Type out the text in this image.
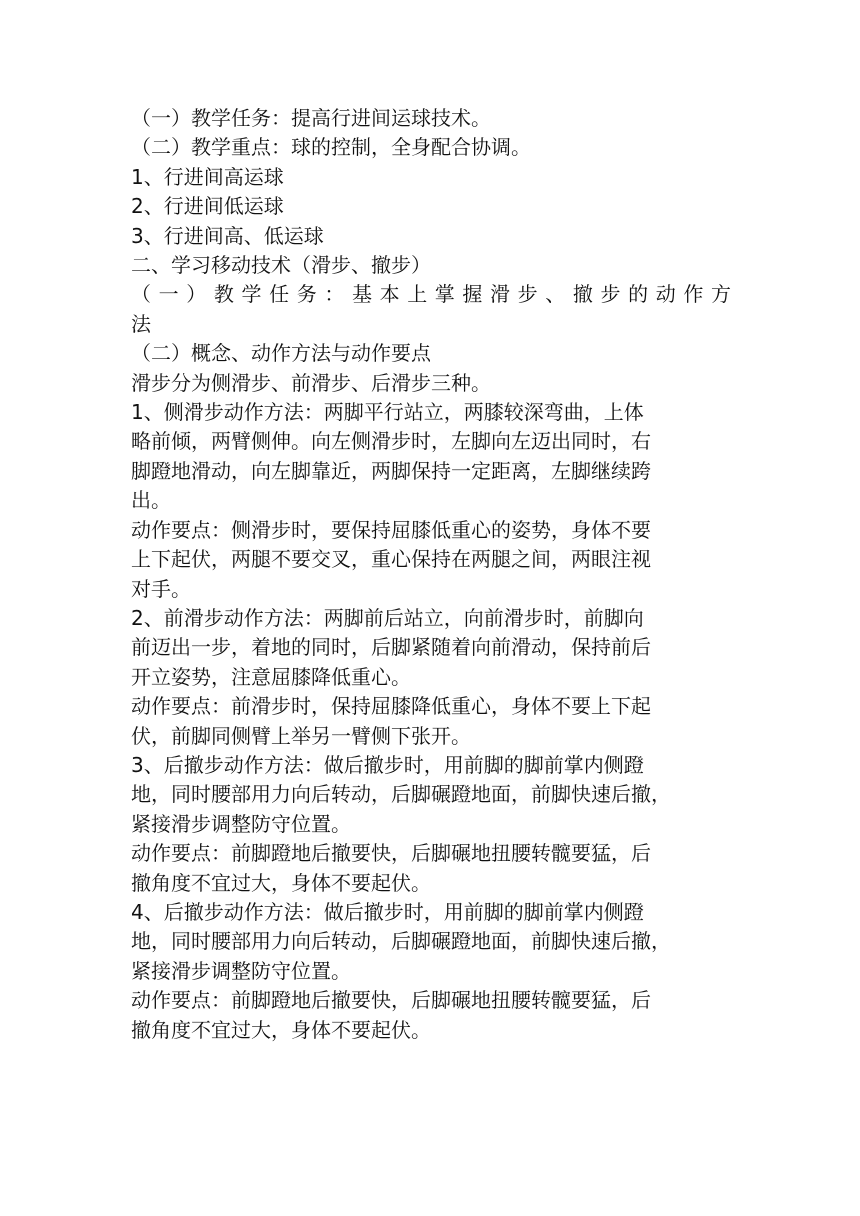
（一）教学任务：提高行进间运球技术。
（二）教学重点：球的控制，全身配合协调。
1、行进间高运球
2、行进间低运球
3、行进间高、低运球
二、学习移动技术（滑步、撤步）
（一）教学任务：基本上掌握滑步、撤步的动作方
法
（二）概念、动作方法与动作要点
滑步分为侧滑步、前滑步、后滑步三种。
1、侧滑步动作方法：两脚平行站立，两膝较深弯曲，上体
略前倾，两臂侧伸。向左侧滑步时，左脚向左迈出同时，右
脚蹬地滑动，向左脚靠近，两脚保持一定距离，左脚继续跨
出。
动作要点：侧滑步时，要保持屈膝低重心的姿势，身体不要
上下起伏，两腿不要交叉，重心保持在两腿之间，两眼注视
对手。
2、前滑步动作方法：两脚前后站立，向前滑步时，前脚向
前迈出一步，着地的同时，后脚紧随着向前滑动，保持前后
开立姿势，注意屈膝降低重心。
动作要点：前滑步时，保持屈膝降低重心，身体不要上下起
伏，前脚同侧臂上举另一臂侧下张开。
3、后撤步动作方法：做后撤步时，用前脚的脚前掌内侧蹬
地，同时腰部用力向后转动，后脚碾蹬地面，前脚快速后撤，
紧接滑步调整防守位置。
动作要点：前脚蹬地后撤要快，后脚碾地扭腰转髋要猛，后
撤角度不宜过大，身体不要起伏。
4、后撤步动作方法：做后撤步时，用前脚的脚前掌内侧蹬
地，同时腰部用力向后转动，后脚碾蹬地面，前脚快速后撤，
紧接滑步调整防守位置。
动作要点：前脚蹬地后撤要快，后脚碾地扭腰转髋要猛，后
撤角度不宜过大，身体不要起伏。
